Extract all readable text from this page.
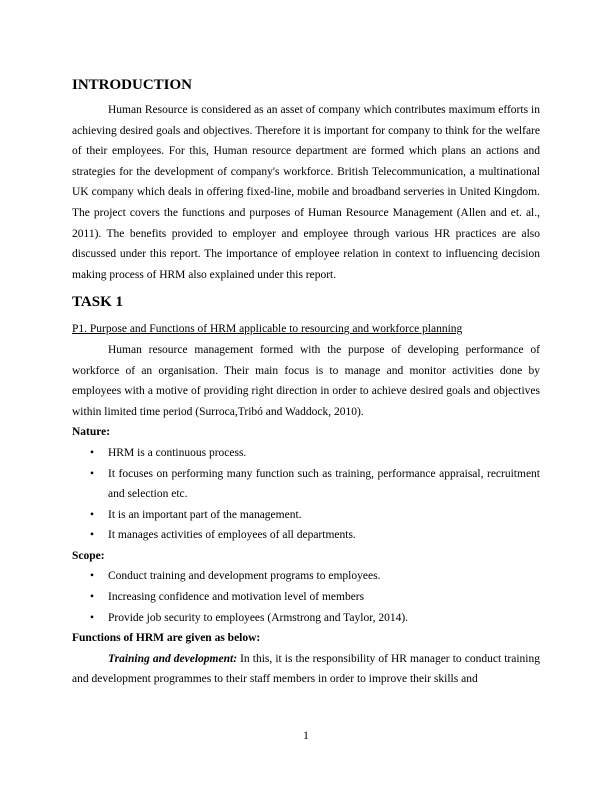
INTRODUCTION

Human Resource is considered as an asset of company which contributes maximum efforts in achieving desired goals and objectives. Therefore it is important for company to think for the welfare of their employees. For this, Human resource department are formed which plans an actions and strategies for the development of company's workforce. British Telecommunication, a multinational UK company which deals in offering fixed-line, mobile and broadband serveries in United Kingdom. The project covers the functions and purposes of Human Resource Management (Allen and et. al., 2011). The benefits provided to employer and employee through various HR practices are also discussed under this report. The importance of employee relation in context to influencing decision making process of HRM also explained under this report.

TASK 1
P1. Purpose and Functions of HRM applicable to resourcing and workforce planning

Human resource management formed with the purpose of developing performance of workforce of an organisation. Their main focus is to manage and monitor activities done by employees with a motive of providing right direction in order to achieve desired goals and objectives within limited time period (Surroca,Tribó and Waddock, 2010).

Nature:
• HRM is a continuous process.
• It focuses on performing many function such as training, performance appraisal, recruitment and selection etc.
• It is an important part of the management.
• It manages activities of employees of all departments.
Scope:
• Conduct training and development programs to employees.
• Increasing confidence and motivation level of members
• Provide job security to employees (Armstrong and Taylor, 2014).
Functions of HRM are given as below:

Training and development: In this, it is the responsibility of HR manager to conduct training and development programmes to their staff members in order to improve their skills and

1
